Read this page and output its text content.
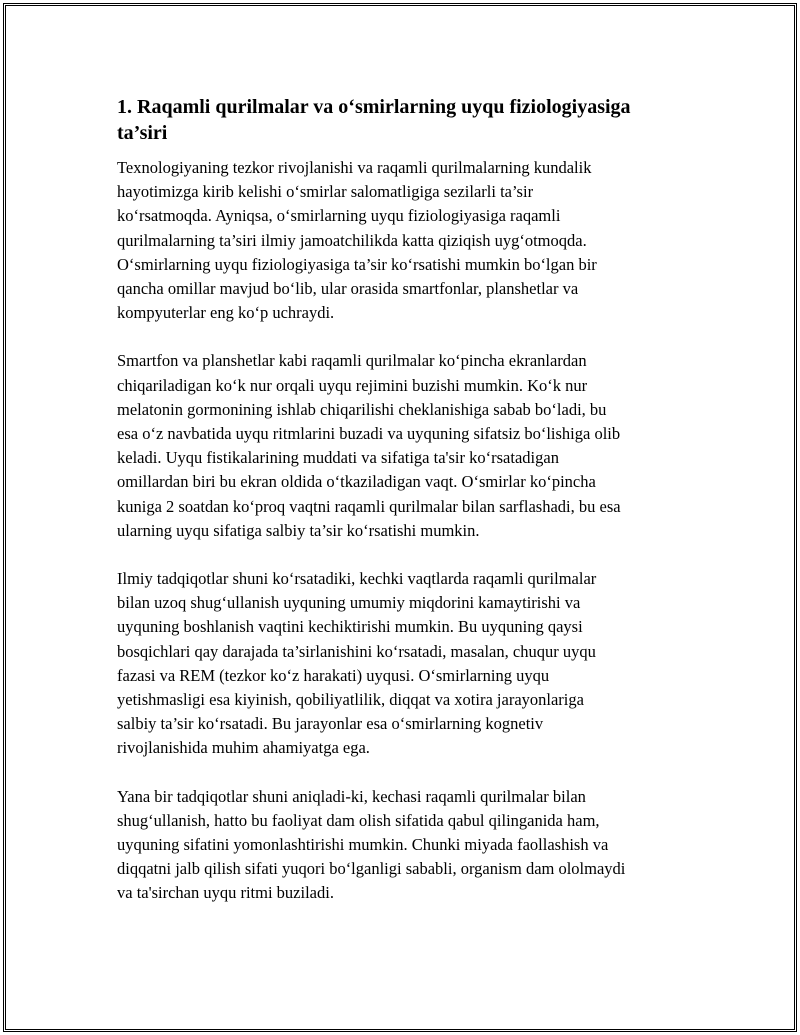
1. Raqamli qurilmalar va o‘smirlarning uyqu fiziologiyasiga
ta’siri

Texnologiyaning tezkor rivojlanishi va raqamli qurilmalarning kundalik
hayotimizga kirib kelishi o‘smirlar salomatligiga sezilarli ta’sir
ko‘rsatmoqda. Ayniqsa, o‘smirlarning uyqu fiziologiyasiga raqamli
qurilmalarning ta’siri ilmiy jamoatchilikda katta qiziqish uyg‘otmoqda.
O‘smirlarning uyqu fiziologiyasiga ta’sir ko‘rsatishi mumkin bo‘lgan bir
qancha omillar mavjud bo‘lib, ular orasida smartfonlar, planshetlar va
kompyuterlar eng ko‘p uchraydi.

Smartfon va planshetlar kabi raqamli qurilmalar ko‘pincha ekranlardan
chiqariladigan ko‘k nur orqali uyqu rejimini buzishi mumkin. Ko‘k nur
melatonin gormonining ishlab chiqarilishi cheklanishiga sabab bo‘ladi, bu
esa o‘z navbatida uyqu ritmlarini buzadi va uyquning sifatsiz bo‘lishiga olib
keladi. Uyqu fistikalarining muddati va sifatiga ta'sir ko‘rsatadigan
omillardan biri bu ekran oldida o‘tkaziladigan vaqt. O‘smirlar ko‘pincha
kuniga 2 soatdan ko‘proq vaqtni raqamli qurilmalar bilan sarflashadi, bu esa
ularning uyqu sifatiga salbiy ta’sir ko‘rsatishi mumkin.

Ilmiy tadqiqotlar shuni ko‘rsatadiki, kechki vaqtlarda raqamli qurilmalar
bilan uzoq shug‘ullanish uyquning umumiy miqdorini kamaytirishi va
uyquning boshlanish vaqtini kechiktirishi mumkin. Bu uyquning qaysi
bosqichlari qay darajada ta’sirlanishini ko‘rsatadi, masalan, chuqur uyqu
fazasi va REM (tezkor ko‘z harakati) uyqusi. O‘smirlarning uyqu
yetishmasligi esa kiyinish, qobiliyatlilik, diqqat va xotira jarayonlariga
salbiy ta’sir ko‘rsatadi. Bu jarayonlar esa o‘smirlarning kognetiv
rivojlanishida muhim ahamiyatga ega.

Yana bir tadqiqotlar shuni aniqladi-ki, kechasi raqamli qurilmalar bilan
shug‘ullanish, hatto bu faoliyat dam olish sifatida qabul qilinganida ham,
uyquning sifatini yomonlashtirishi mumkin. Chunki miyada faollashish va
diqqatni jalb qilish sifati yuqori bo‘lganligi sababli, organism dam ololmaydi
va ta'sirchan uyqu ritmi buziladi.
